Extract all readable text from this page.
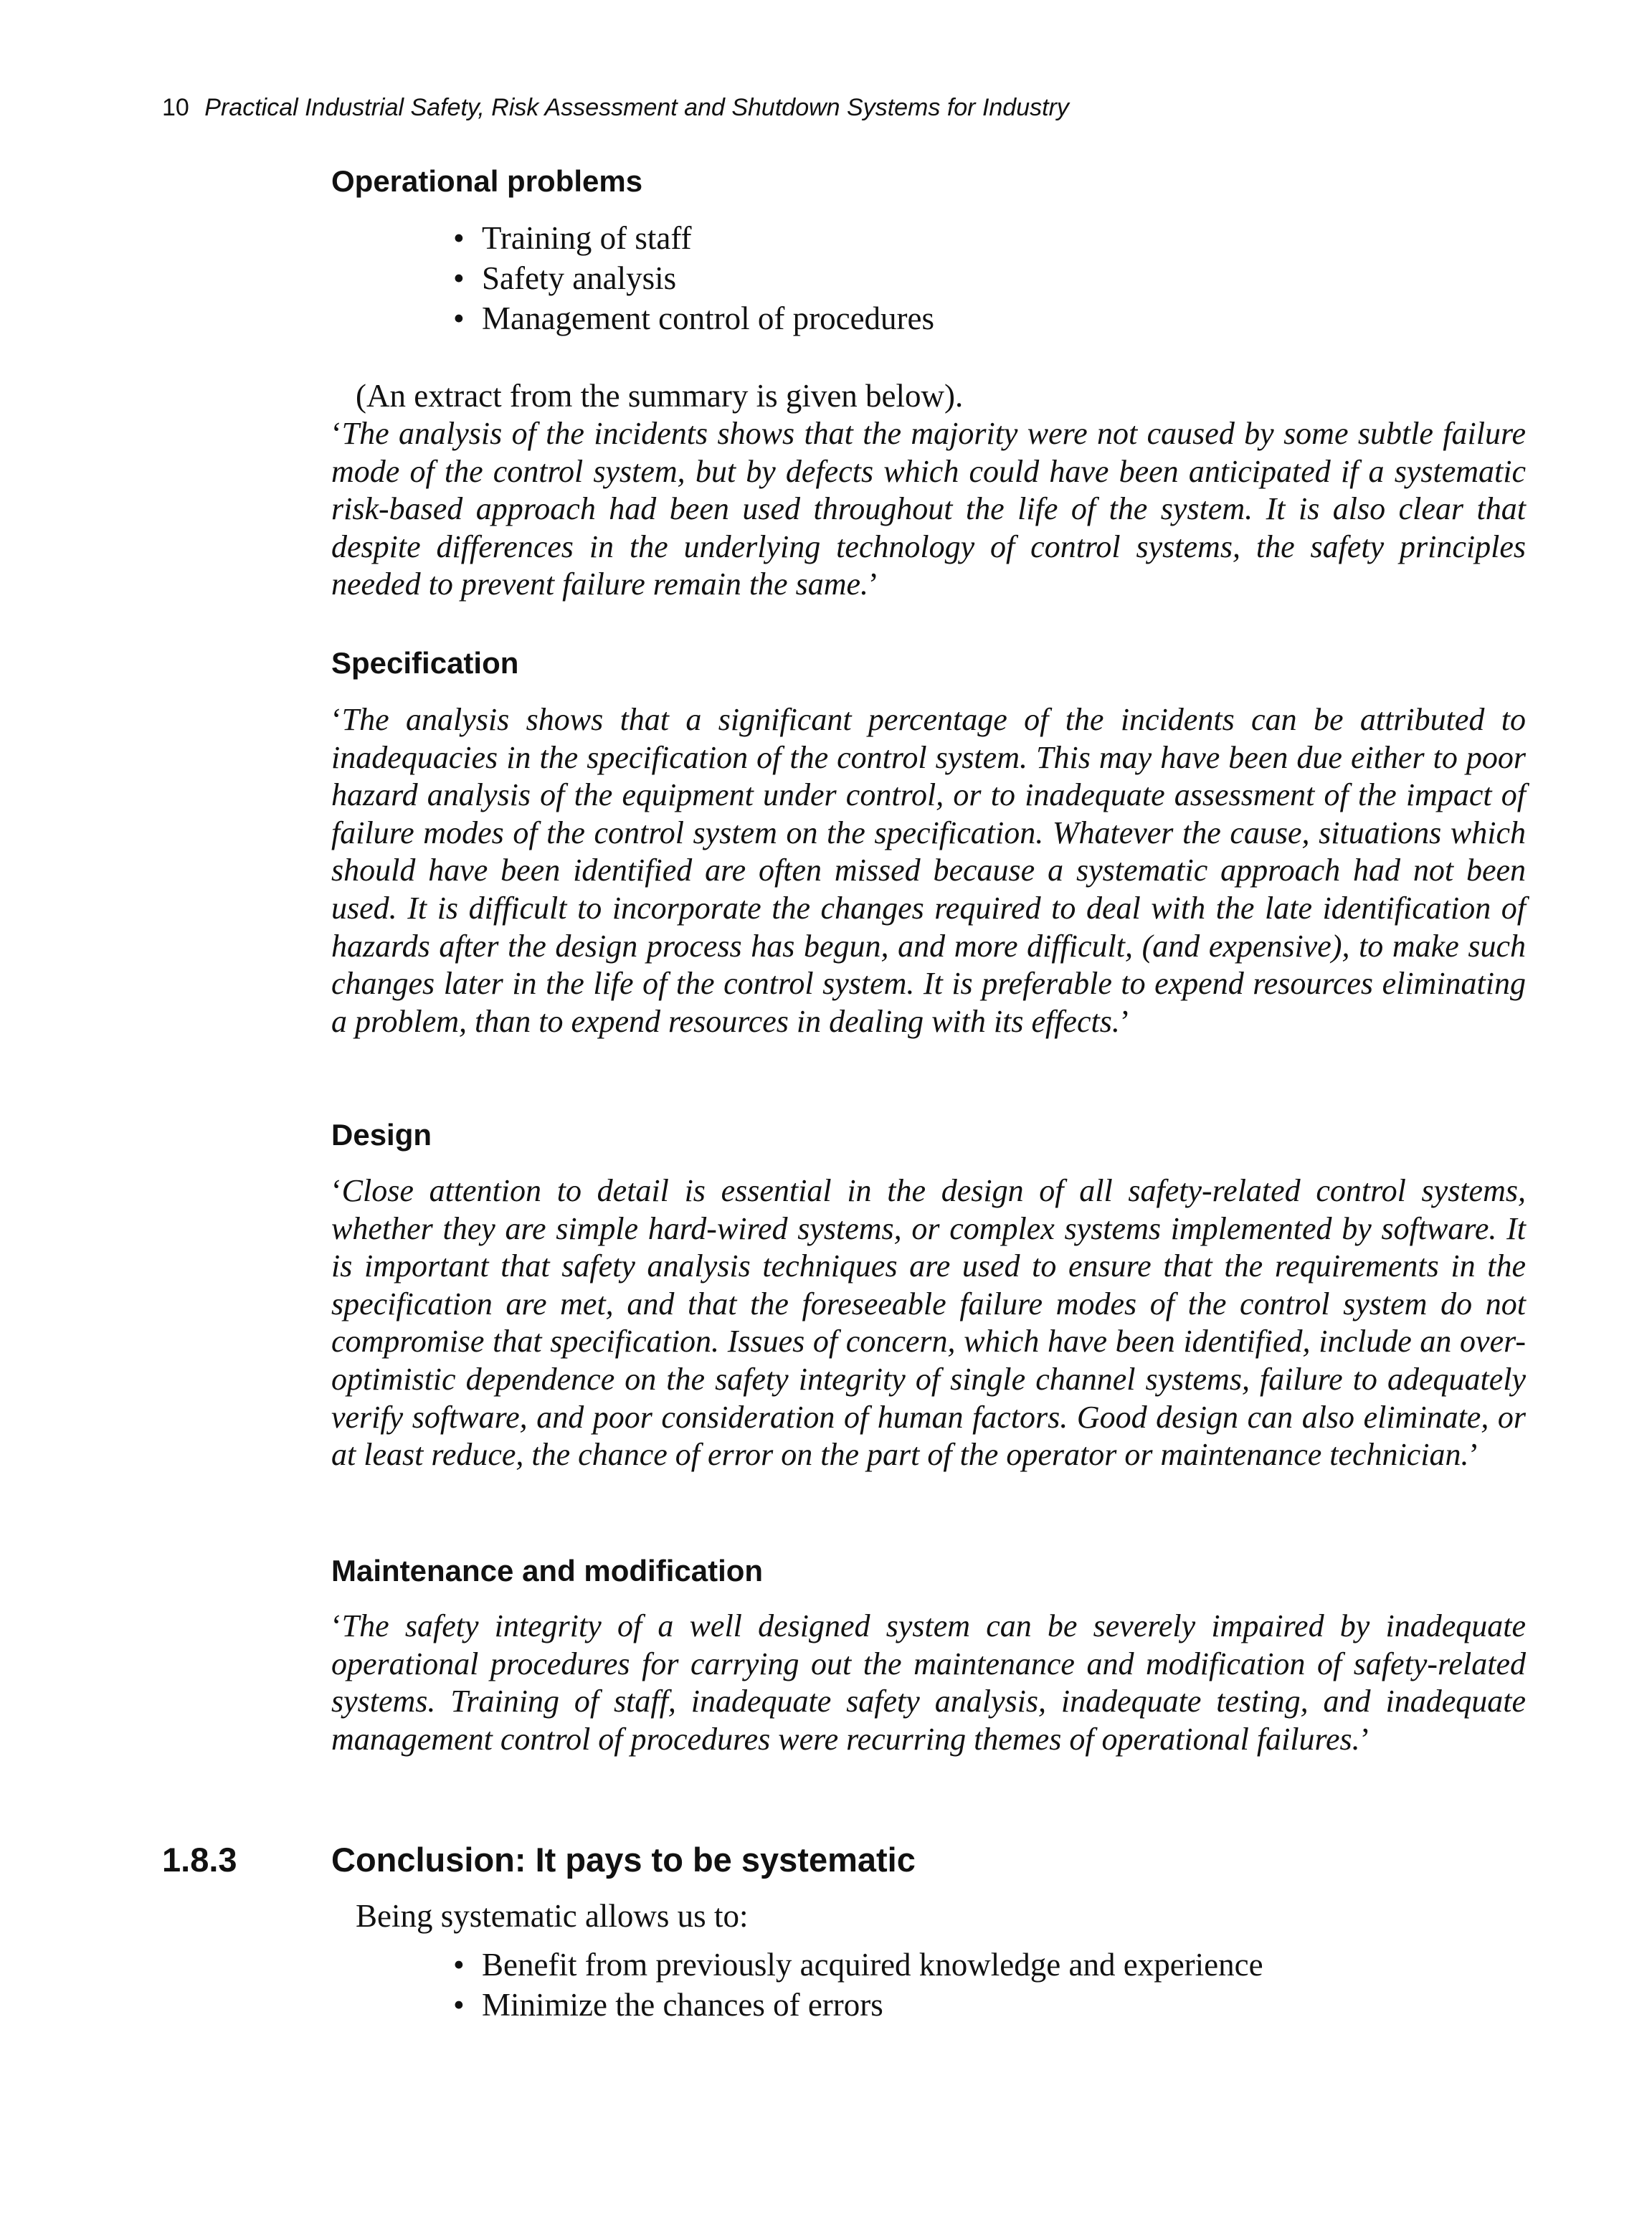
10 Practical Industrial Safety, Risk Assessment and Shutdown Systems for Industry
Operational problems
• Training of staff
• Safety analysis
• Management control of procedures

(An extract from the summary is given below).

‘The analysis of the incidents shows that the majority were not caused by some subtle failure mode of the control system, but by defects which could have been anticipated if a systematic risk-based approach had been used throughout the life of the system. It is also clear that despite differences in the underlying technology of control systems, the safety principles needed to prevent failure remain the same.’

Specification

‘The analysis shows that a significant percentage of the incidents can be attributed to inadequacies in the specification of the control system. This may have been due either to poor hazard analysis of the equipment under control, or to inadequate assessment of the impact of failure modes of the control system on the specification. Whatever the cause, situations which should have been identified are often missed because a systematic approach had not been used. It is difficult to incorporate the changes required to deal with the late identification of hazards after the design process has begun, and more difficult, (and expensive), to make such changes later in the life of the control system. It is preferable to expend resources eliminating a problem, than to expend resources in dealing with its effects.’

Design

‘Close attention to detail is essential in the design of all safety-related control systems, whether they are simple hard-wired systems, or complex systems implemented by software. It is important that safety analysis techniques are used to ensure that the requirements in the specification are met, and that the foreseeable failure modes of the control system do not compromise that specification. Issues of concern, which have been identified, include an over-optimistic dependence on the safety integrity of single channel systems, failure to adequately verify software, and poor consideration of human factors. Good design can also eliminate, or at least reduce, the chance of error on the part of the operator or maintenance technician.’

Maintenance and modification

‘The safety integrity of a well designed system can be severely impaired by inadequate operational procedures for carrying out the maintenance and modification of safety-related systems. Training of staff, inadequate safety analysis, inadequate testing, and inadequate management control of procedures were recurring themes of operational failures.’

1.8.3	Conclusion: It pays to be systematic

Being systematic allows us to:

• Benefit from previously acquired knowledge and experience
• Minimize the chances of errors
